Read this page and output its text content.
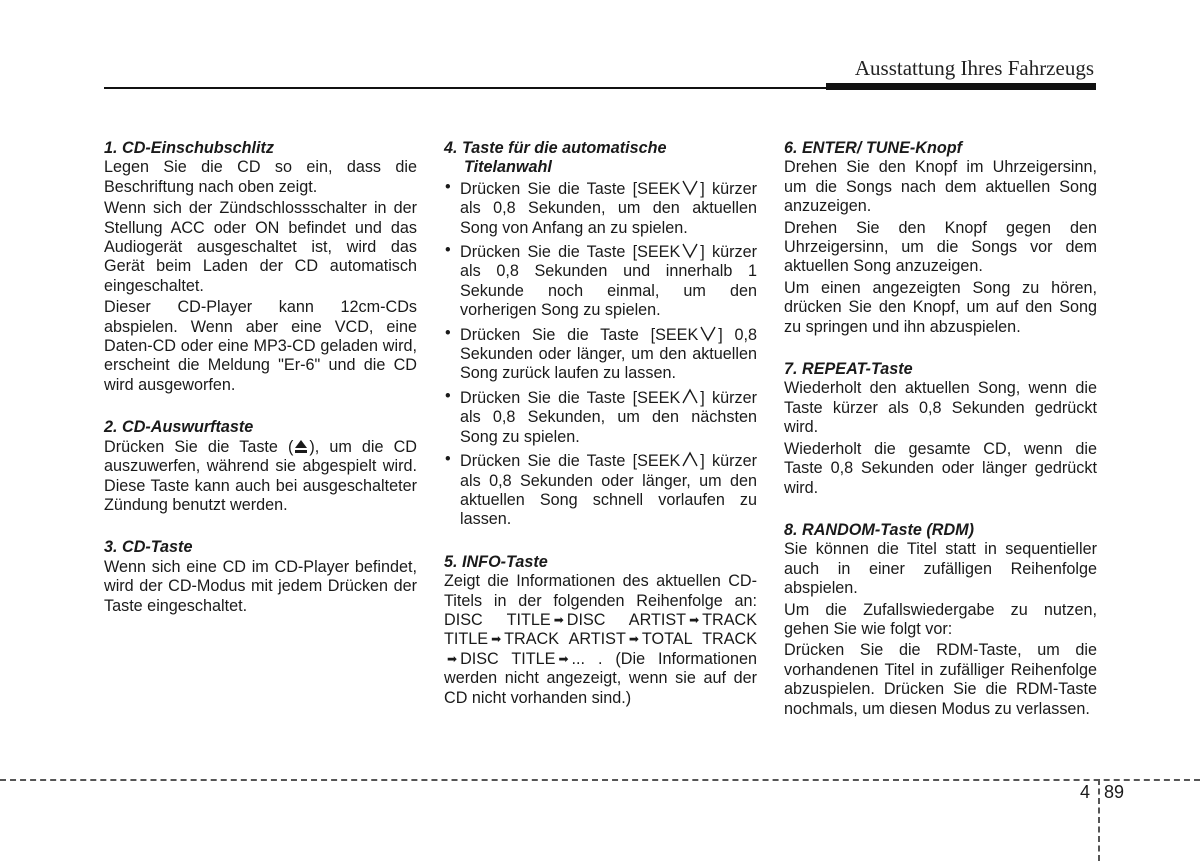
Ausstattung Ihres Fahrzeugs

1. CD-Einschubschlitz

Legen Sie die CD so ein, dass die Beschriftung nach oben zeigt.

Wenn sich der Zündschlossschalter in der Stellung ACC oder ON befindet und das Audiogerät ausgeschaltet ist, wird das Gerät beim Laden der CD automatisch eingeschaltet.

Dieser CD-Player kann 12cm-CDs abspielen. Wenn aber eine VCD, eine Daten-CD oder eine MP3-CD geladen wird, erscheint die Meldung "Er-6" und die CD wird ausgeworfen.

2. CD-Auswurftaste

Drücken Sie die Taste ( ), um die CD auszuwerfen, während sie abgespielt wird. Diese Taste kann auch bei ausgeschalteter Zündung benutzt werden.

3. CD-Taste

Wenn sich eine CD im CD-Player befindet, wird der CD-Modus mit jedem Drücken der Taste eingeschaltet.

4. Taste für die automatische
Titelanwahl

• Drücken Sie die Taste [SEEK ] kürzer als 0,8 Sekunden, um den aktuellen Song von Anfang an zu spielen.
• Drücken Sie die Taste [SEEK ] kürzer als 0,8 Sekunden und innerhalb 1 Sekunde noch einmal, um den vorherigen Song zu spielen.
• Drücken Sie die Taste [SEEK ] 0,8 Sekunden oder länger, um den aktuellen Song zurück laufen zu lassen.
• Drücken Sie die Taste [SEEK ] kürzer als 0,8 Sekunden, um den nächsten Song zu spielen.
• Drücken Sie die Taste [SEEK ] kürzer als 0,8 Sekunden oder länger, um den aktuellen Song schnell vorlaufen zu lassen.

5. INFO-Taste

Zeigt die Informationen des aktuellen CD-Titels in der folgenden Reihenfolge an: DISC TITLE ➡ DISC ARTIST ➡ TRACK TITLE ➡ TRACK ARTIST ➡ TOTAL TRACK➡ DISC TITLE ➡ ... . (Die Informationen werden nicht angezeigt, wenn sie auf der CD nicht vorhanden sind.)

6. ENTER/ TUNE-Knopf

Drehen Sie den Knopf im Uhrzeigersinn, um die Songs nach dem aktuellen Song anzuzeigen.

Drehen Sie den Knopf gegen den Uhrzeigersinn, um die Songs vor dem aktuellen Song anzuzeigen.

Um einen angezeigten Song zu hören, drücken Sie den Knopf, um auf den Song zu springen und ihn abzuspielen.

7. REPEAT-Taste

Wiederholt den aktuellen Song, wenn die Taste kürzer als 0,8 Sekunden gedrückt wird.

Wiederholt die gesamte CD, wenn die Taste 0,8 Sekunden oder länger gedrückt wird.

8. RANDOM-Taste (RDM)

Sie können die Titel statt in sequentieller auch in einer zufälligen Reihenfolge abspielen.

Um die Zufallswiedergabe zu nutzen, gehen Sie wie folgt vor:

Drücken Sie die RDM-Taste, um die vorhandenen Titel in zufälliger Reihenfolge abzuspielen. Drücken Sie die RDM-Taste nochmals, um diesen Modus zu verlassen.

4 89
